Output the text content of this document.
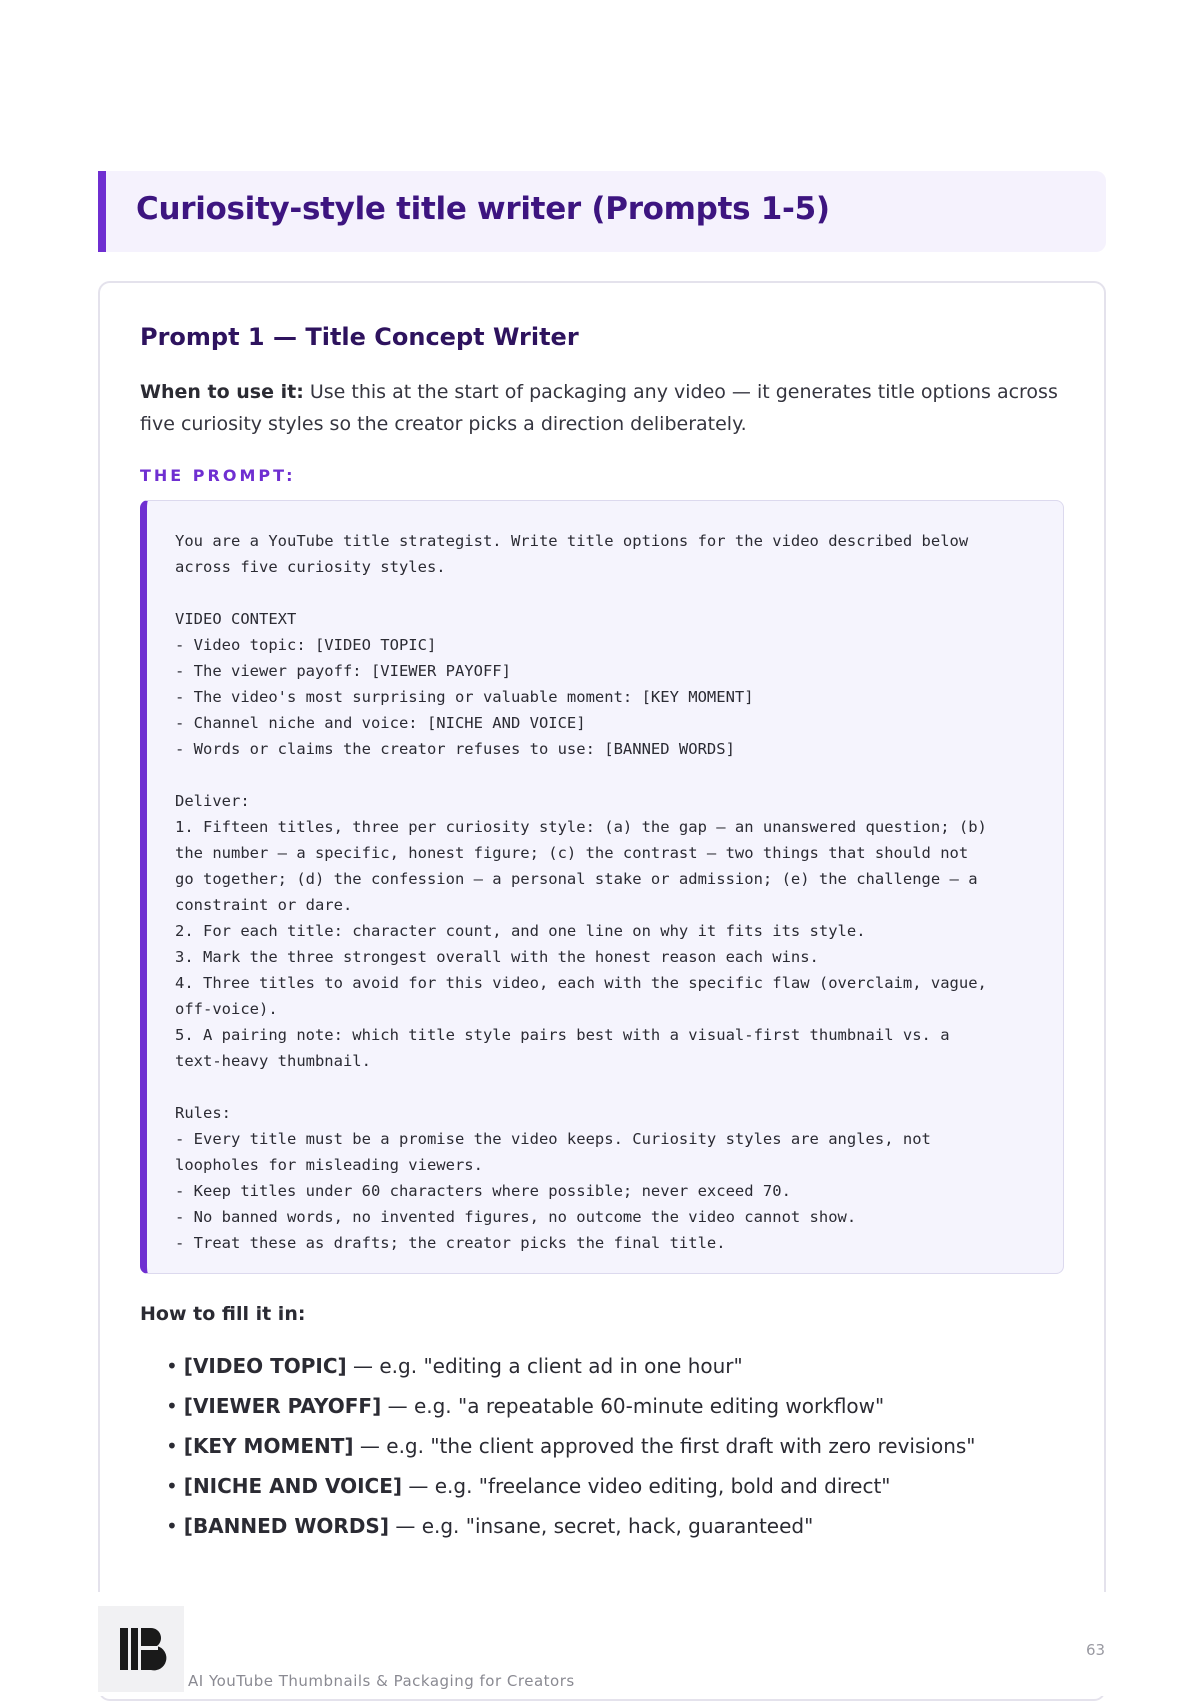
Curiosity-style title writer (Prompts 1-5)
Prompt 1 — Title Concept Writer

When to use it: Use this at the start of packaging any video — it generates title options across five curiosity styles so the creator picks a direction deliberately.

THE PROMPT:
You are a YouTube title strategist. Write title options for the video described below
across five curiosity styles.

VIDEO CONTEXT
- Video topic: [VIDEO TOPIC]
- The viewer payoff: [VIEWER PAYOFF]
- The video's most surprising or valuable moment: [KEY MOMENT]
- Channel niche and voice: [NICHE AND VOICE]
- Words or claims the creator refuses to use: [BANNED WORDS]

Deliver:
1. Fifteen titles, three per curiosity style: (a) the gap — an unanswered question; (b)
the number — a specific, honest figure; (c) the contrast — two things that should not
go together; (d) the confession — a personal stake or admission; (e) the challenge — a
constraint or dare.
2. For each title: character count, and one line on why it fits its style.
3. Mark the three strongest overall with the honest reason each wins.
4. Three titles to avoid for this video, each with the specific flaw (overclaim, vague,
off-voice).
5. A pairing note: which title style pairs best with a visual-first thumbnail vs. a
text-heavy thumbnail.

Rules:
- Every title must be a promise the video keeps. Curiosity styles are angles, not
loopholes for misleading viewers.
- Keep titles under 60 characters where possible; never exceed 70.
- No banned words, no invented figures, no outcome the video cannot show.
- Treat these as drafts; the creator picks the final title.

How to fill it in:
• [VIDEO TOPIC] — e.g. "editing a client ad in one hour"
• [VIEWER PAYOFF] — e.g. "a repeatable 60-minute editing workflow"
• [KEY MOMENT] — e.g. "the client approved the first draft with zero revisions"
• [NICHE AND VOICE] — e.g. "freelance video editing, bold and direct"
• [BANNED WORDS] — e.g. "insane, secret, hack, guaranteed"
AI YouTube Thumbnails & Packaging for Creators
63
